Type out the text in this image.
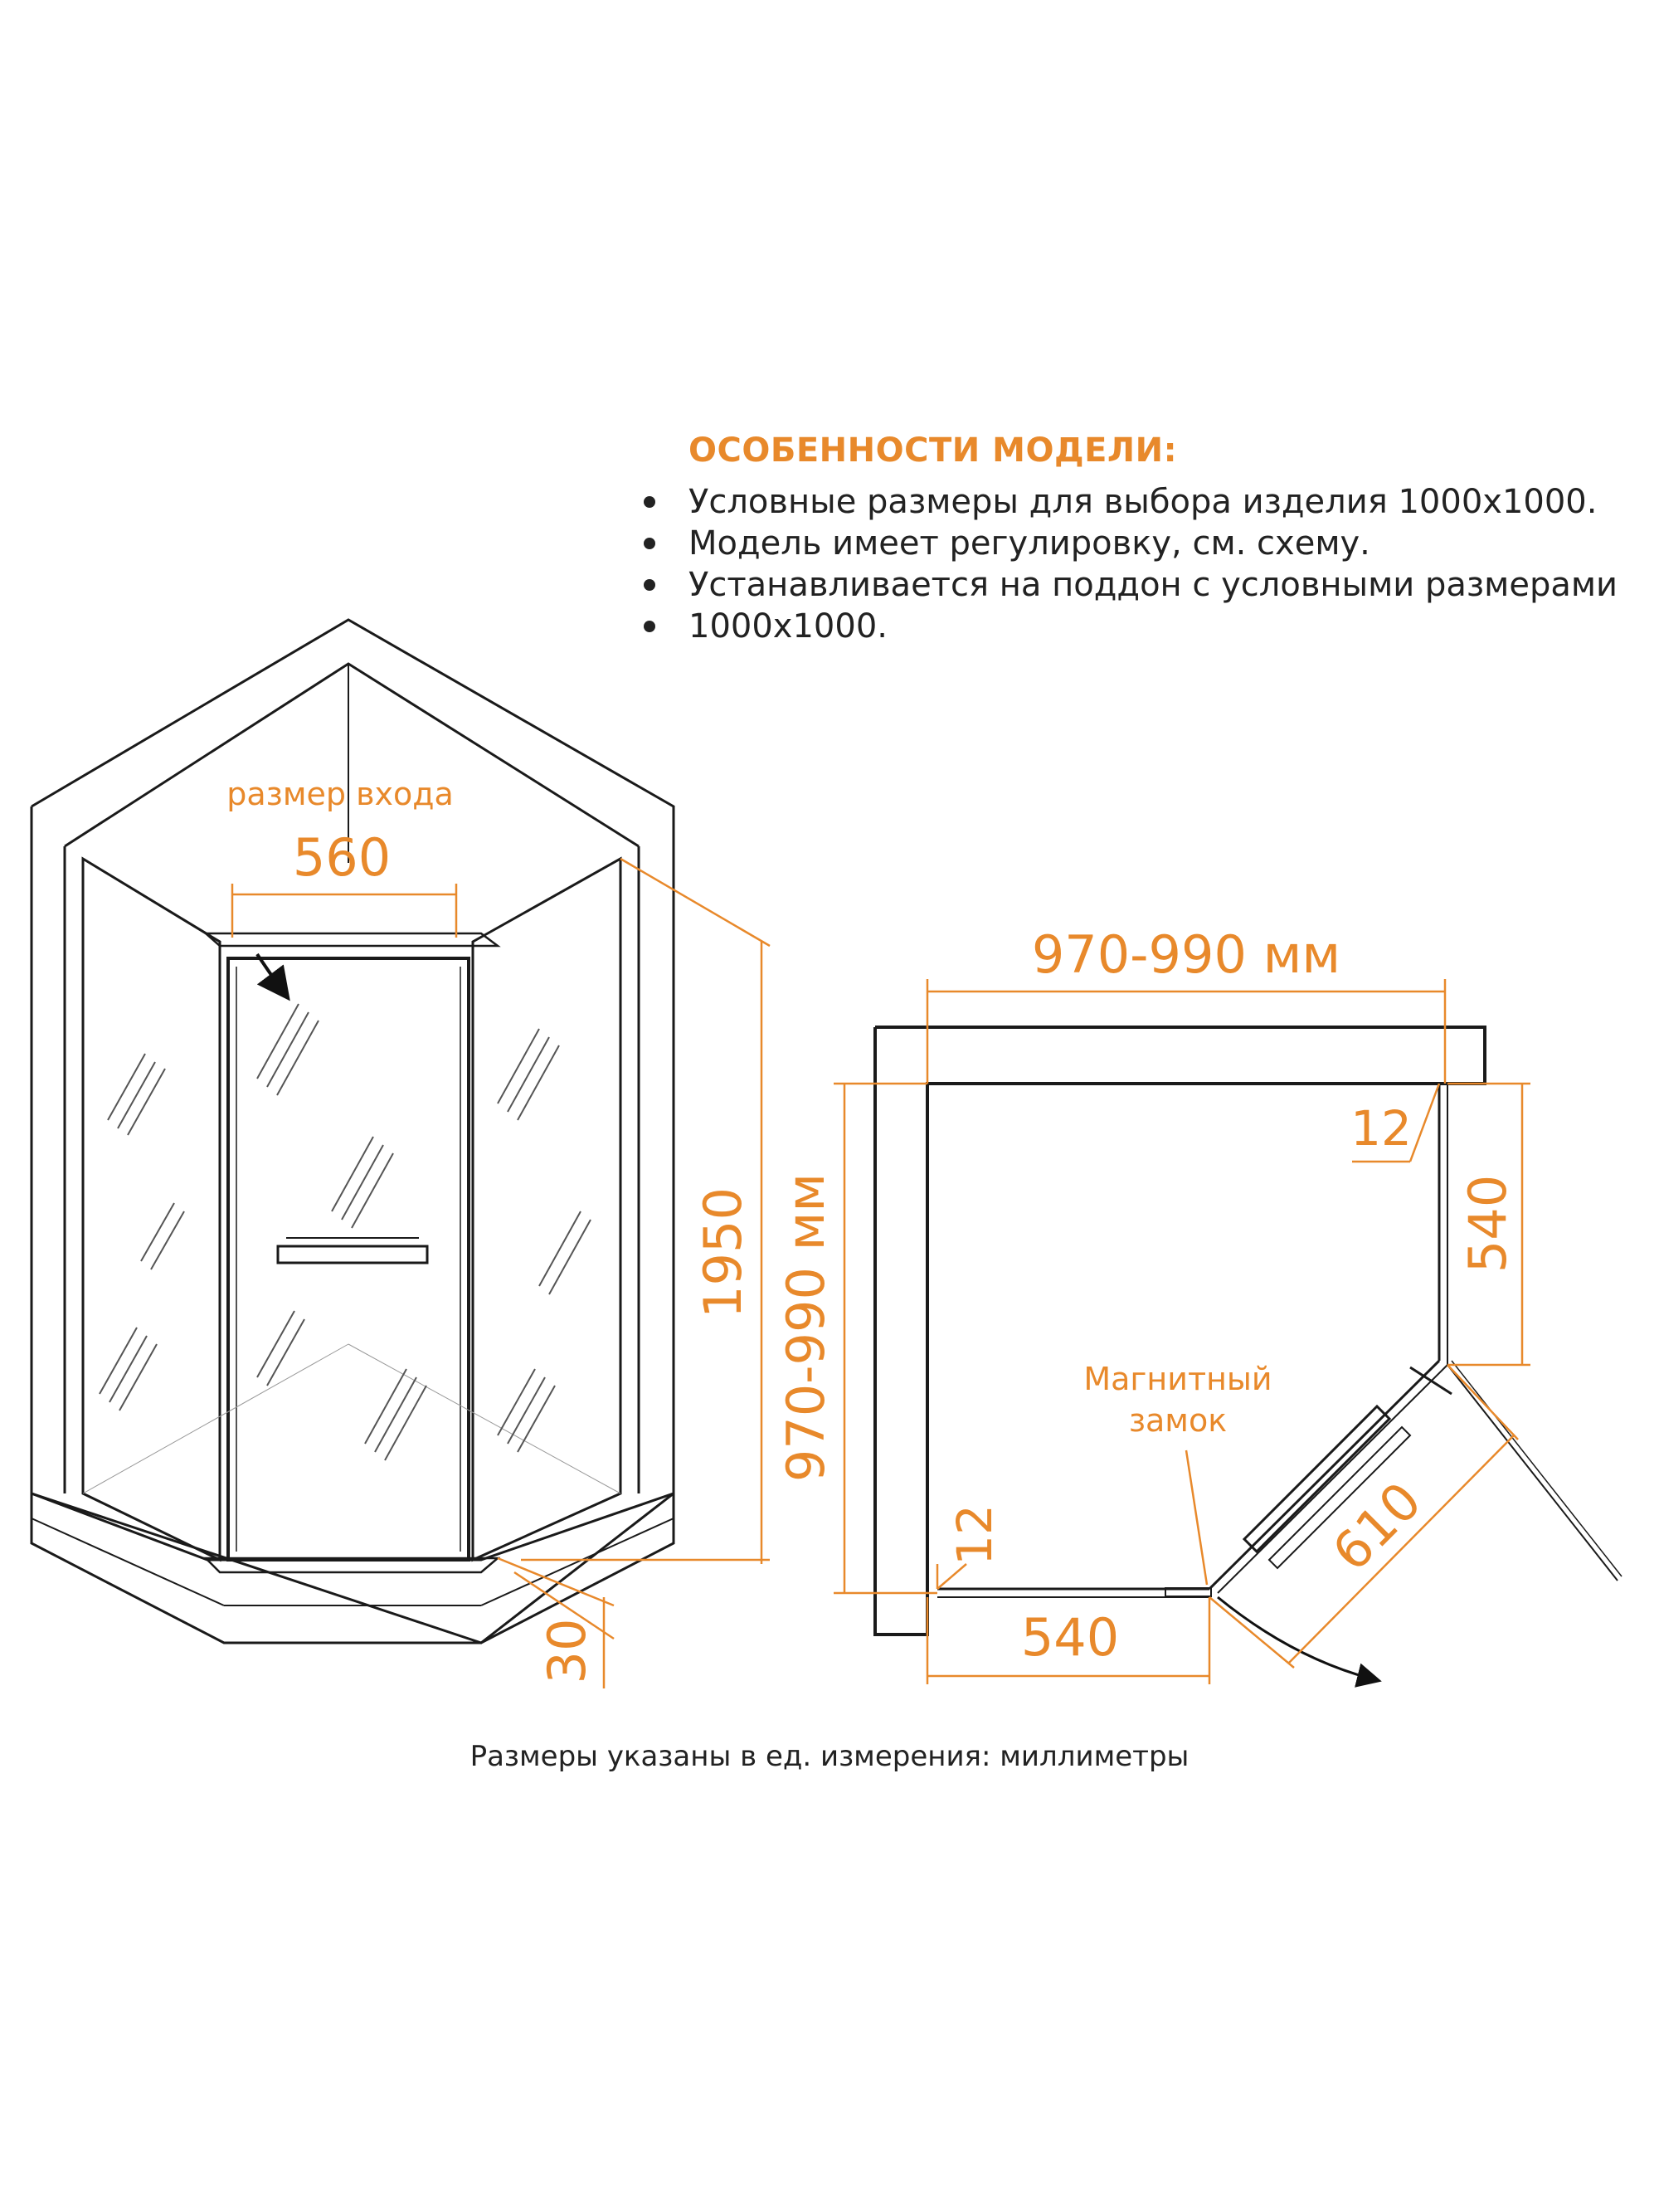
ОСОБЕННОСТИ МОДЕЛИ:
Условные размеры для выбора изделия 1000х1000.
Модель имеет регулировку, см. схему.
Устанавливается на поддон с условными размерами
1000х1000.
размер входа
560
1950
30
970-990 мм
970-990 мм
12
540
12
540
610
Магнитный
замок
Размеры указаны в ед. измерения: миллиметры
